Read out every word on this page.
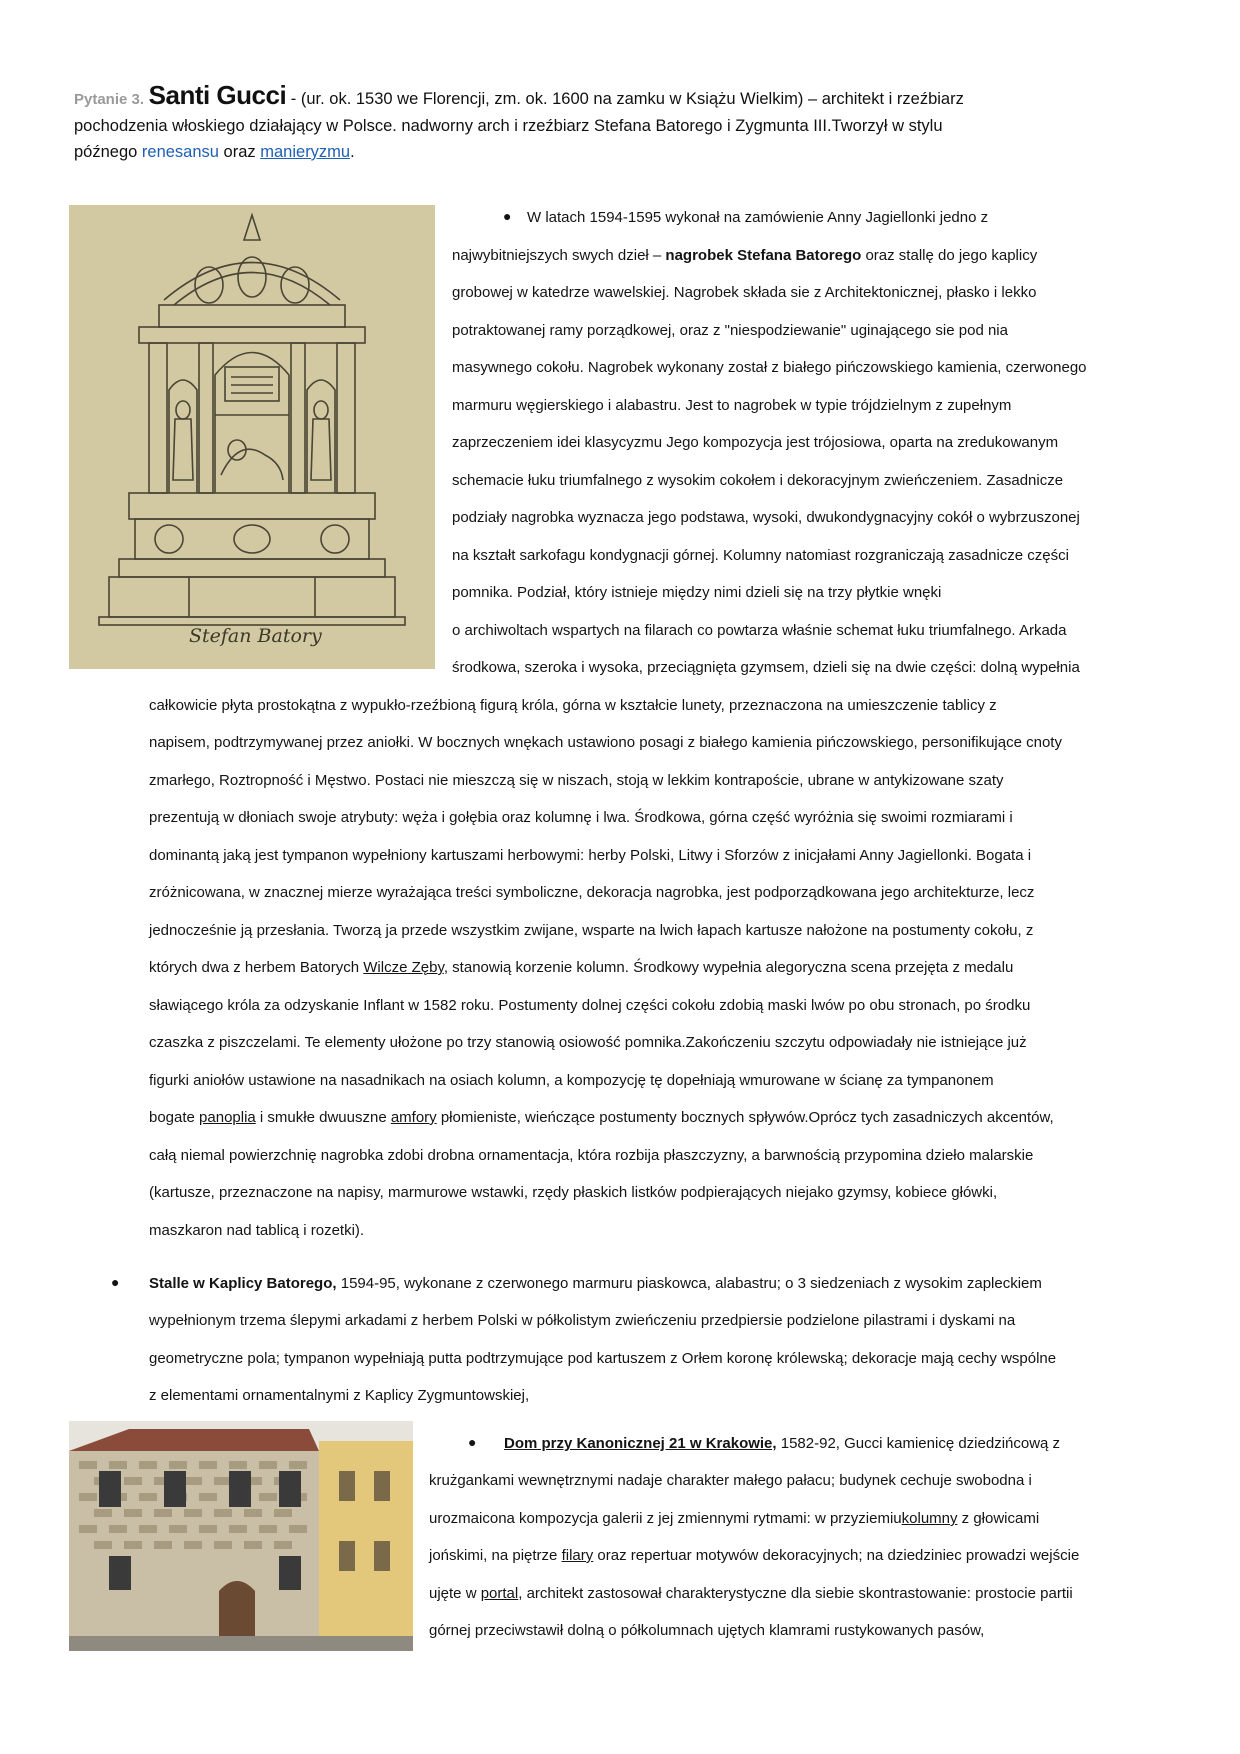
Pytanie 3. Santi Gucci - (ur. ok. 1530 we Florencji, zm. ok. 1600 na zamku w Książu Wielkim) – architekt i rzeźbiarz
pochodzenia włoskiego działający w Polsce. nadworny arch i rzeźbiarz Stefana Batorego i Zygmunta III.Tworzył w stylu
późnego renesansu oraz manieryzmu.
Stefan Batory
● W latach 1594-1595 wykonał na zamówienie Anny Jagiellonki jedno z
najwybitniejszych swych dzieł – nagrobek Stefana Batorego oraz stallę do jego kaplicy
grobowej w katedrze wawelskiej. Nagrobek składa sie z Architektonicznej, płasko i lekko
potraktowanej ramy porządkowej, oraz z "niespodziewanie" uginającego sie pod nia
masywnego cokołu. Nagrobek wykonany został z białego pińczowskiego kamienia, czerwonego
marmuru węgierskiego i alabastru. Jest to nagrobek w typie trójdzielnym z zupełnym
zaprzeczeniem idei klasycyzmu Jego kompozycja jest trójosiowa, oparta na zredukowanym
schemacie łuku triumfalnego z wysokim cokołem i dekoracyjnym zwieńczeniem. Zasadnicze
podziały nagrobka wyznacza jego podstawa, wysoki, dwukondygnacyjny cokół o wybrzuszonej
na kształt sarkofagu kondygnacji górnej. Kolumny natomiast rozgraniczają zasadnicze części
pomnika. Podział, który istnieje między nimi dzieli się na trzy płytkie wnęki
o archiwoltach wspartych na filarach co powtarza właśnie schemat łuku triumfalnego. Arkada
środkowa, szeroka i wysoka, przeciągnięta gzymsem, dzieli się na dwie części: dolną wypełnia
całkowicie płyta prostokątna z wypukło-rzeźbioną figurą króla, górna w kształcie lunety, przeznaczona na umieszczenie tablicy z
napisem, podtrzymywanej przez aniołki. W bocznych wnękach ustawiono posagi z białego kamienia pińczowskiego, personifikujące cnoty
zmarłego, Roztropność i Męstwo. Postaci nie mieszczą się w niszach, stoją w lekkim kontrapoście, ubrane w antykizowane szaty
prezentują w dłoniach swoje atrybuty: węża i gołębia oraz kolumnę i lwa. Środkowa, górna część wyróżnia się swoimi rozmiarami i
dominantą jaką jest tympanon wypełniony kartuszami herbowymi: herby Polski, Litwy i Sforzów z inicjałami Anny Jagiellonki. Bogata i
zróżnicowana, w znacznej mierze wyrażająca treści symboliczne, dekoracja nagrobka, jest podporządkowana jego architekturze, lecz
jednocześnie ją przesłania. Tworzą ja przede wszystkim zwijane, wsparte na lwich łapach kartusze nałożone na postumenty cokołu, z
których dwa z herbem Batorych Wilcze Zęby, stanowią korzenie kolumn. Środkowy wypełnia alegoryczna scena przejęta z medalu
sławiącego króla za odzyskanie Inflant w 1582 roku. Postumenty dolnej części cokołu zdobią maski lwów po obu stronach, po środku
czaszka z piszczelami. Te elementy ułożone po trzy stanowią osiowość pomnika.Zakończeniu szczytu odpowiadały nie istniejące już
figurki aniołów ustawione na nasadnikach na osiach kolumn, a kompozycję tę dopełniają wmurowane w ścianę za tympanonem
bogate panoplia i smukłe dwuuszne amfory płomieniste, wieńczące postumenty bocznych spływów.Oprócz tych zasadniczych akcentów,
całą niemal powierzchnię nagrobka zdobi drobna ornamentacja, która rozbija płaszczyzny, a barwnością przypomina dzieło malarskie
(kartusze, przeznaczone na napisy, marmurowe wstawki, rzędy płaskich listków podpierających niejako gzymsy, kobiece główki,
maszkaron nad tablicą i rozetki).
● Stalle w Kaplicy Batorego, 1594-95, wykonane z czerwonego marmuru piaskowca, alabastru; o 3 siedzeniach z wysokim zapleckiem
wypełnionym trzema ślepymi arkadami z herbem Polski w półkolistym zwieńczeniu przedpiersie podzielone pilastrami i dyskami na
geometryczne pola; tympanon wypełniają putta podtrzymujące pod kartuszem z Orłem koronę królewską; dekoracje mają cechy wspólne
z elementami ornamentalnymi z Kaplicy Zygmuntowskiej,
● Dom przy Kanonicznej 21 w Krakowie, 1582-92, Gucci kamienicę dziedzińcową z
krużgankami wewnętrznymi nadaje charakter małego pałacu; budynek cechuje swobodna i
urozmaicona kompozycja galerii z jej zmiennymi rytmami: w przyziemiukolumny z głowicami
jońskimi, na piętrze filary oraz repertuar motywów dekoracyjnych; na dziedziniec prowadzi wejście
ujęte w portal, architekt zastosował charakterystyczne dla siebie skontrastowanie: prostocie partii
górnej przeciwstawił dolną o półkolumnach ujętych klamrami rustykowanych pasów,
